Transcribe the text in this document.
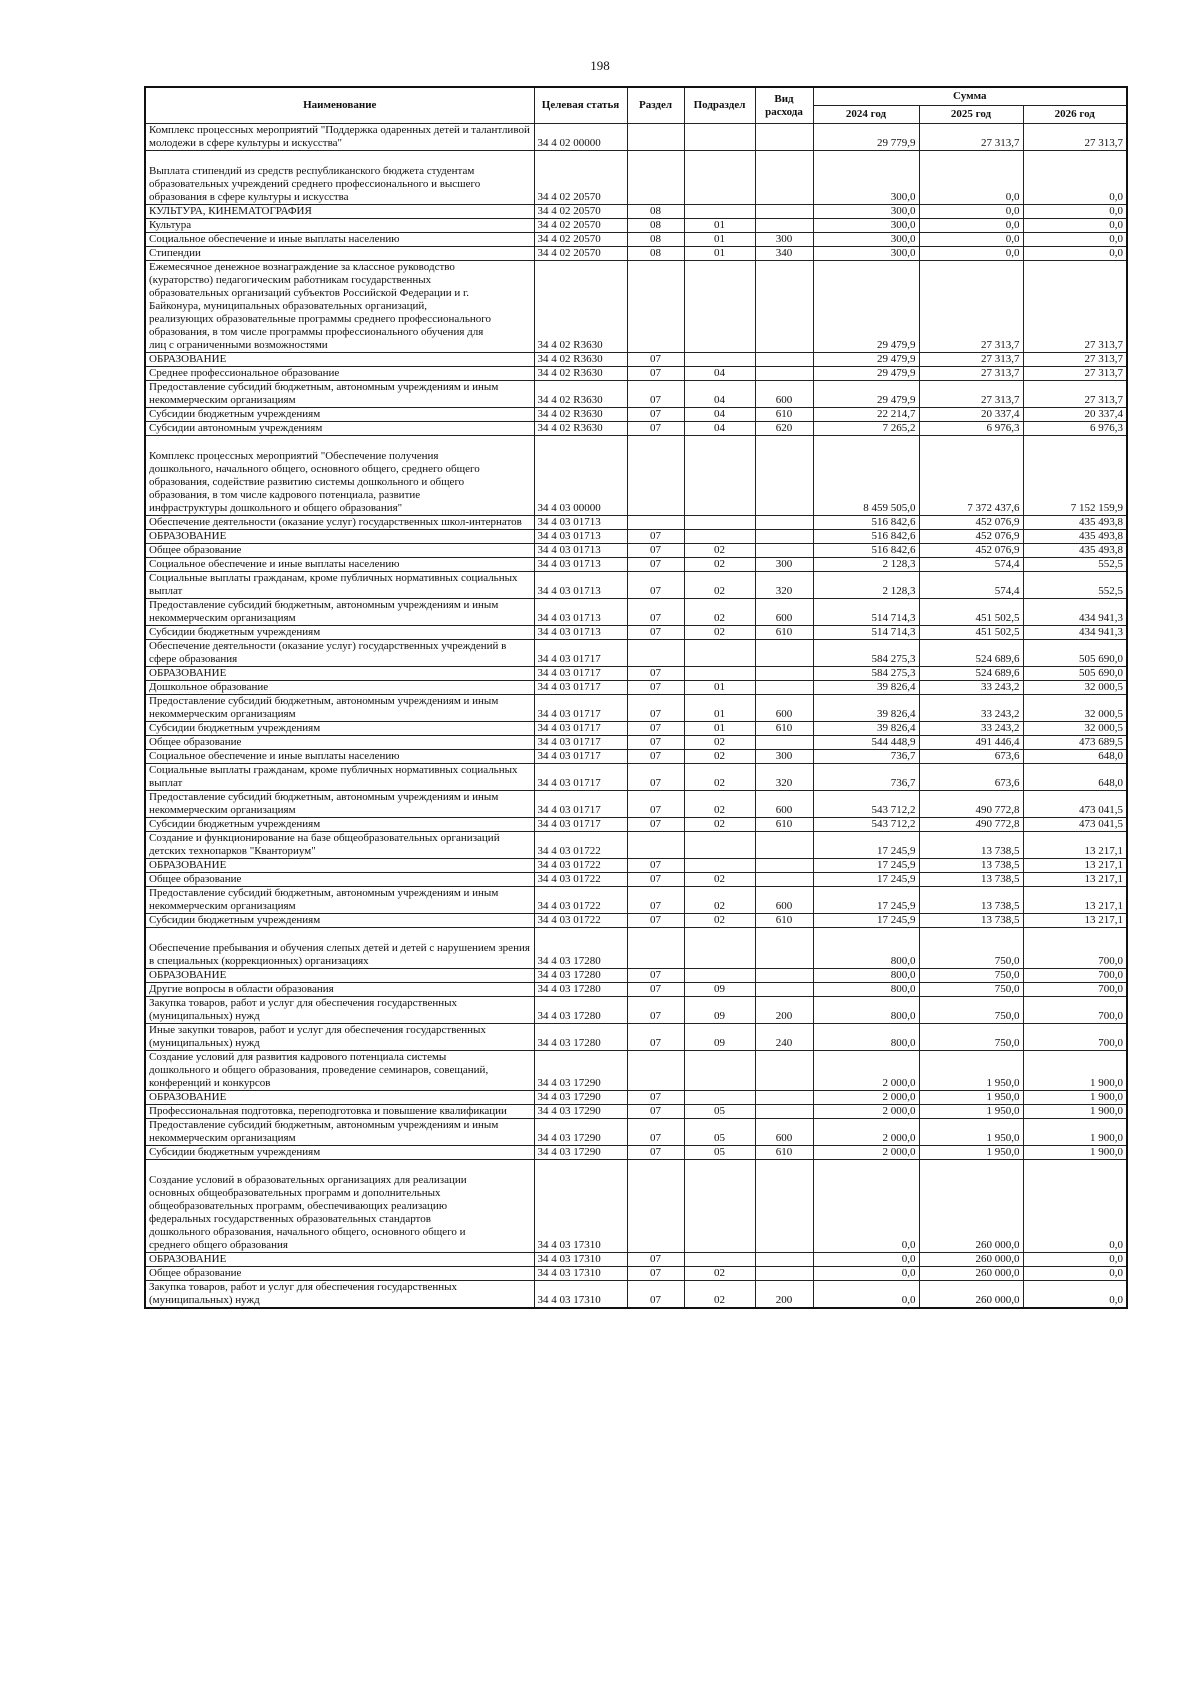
198
Наименование	Целевая статья	Раздел	Подраздел	Вид расхода	Сумма		
					2024 год	2025 год	2026 год
Комплекс процессных мероприятий "Поддержка одаренных детей и талантливой молодежи в сфере культуры и искусства"	34 4 02 00000				29 779,9	27 313,7	27 313,7
Выплата стипендий из средств республиканского бюджета студентам образовательных учреждений среднего профессионального и высшего образования в сфере культуры и искусства	34 4 02 20570				300,0	0,0	0,0
КУЛЬТУРА, КИНЕМАТОГРАФИЯ	34 4 02 20570	08			300,0	0,0	0,0
Культура	34 4 02 20570	08	01		300,0	0,0	0,0
Социальное обеспечение и иные выплаты населению	34 4 02 20570	08	01	300	300,0	0,0	0,0
Стипендии	34 4 02 20570	08	01	340	300,0	0,0	0,0
Ежемесячное денежное вознаграждение за классное руководство (кураторство) педагогическим работникам государственных образовательных организаций субъектов Российской Федерации и г. Байконура, муниципальных образовательных организаций, реализующих образовательные программы среднего профессионального образования, в том числе программы профессионального обучения для лиц с ограниченными возможностями	34 4 02 R3630				29 479,9	27 313,7	27 313,7
ОБРАЗОВАНИЕ	34 4 02 R3630	07			29 479,9	27 313,7	27 313,7
Среднее профессиональное образование	34 4 02 R3630	07	04		29 479,9	27 313,7	27 313,7
Предоставление субсидий бюджетным, автономным учреждениям и иным некоммерческим организациям	34 4 02 R3630	07	04	600	29 479,9	27 313,7	27 313,7
Субсидии бюджетным учреждениям	34 4 02 R3630	07	04	610	22 214,7	20 337,4	20 337,4
Субсидии автономным учреждениям	34 4 02 R3630	07	04	620	7 265,2	6 976,3	6 976,3
Комплекс процессных мероприятий "Обеспечение получения дошкольного, начального общего, основного общего, среднего общего образования, содействие развитию системы дошкольного и общего образования, в том числе кадрового потенциала, развитие инфраструктуры дошкольного и общего образования"	34 4 03 00000				8 459 505,0	7 372 437,6	7 152 159,9
Обеспечение деятельности (оказание услуг) государственных школ-интернатов	34 4 03 01713				516 842,6	452 076,9	435 493,8
ОБРАЗОВАНИЕ	34 4 03 01713	07			516 842,6	452 076,9	435 493,8
Общее образование	34 4 03 01713	07	02		516 842,6	452 076,9	435 493,8
Социальное обеспечение и иные выплаты населению	34 4 03 01713	07	02	300	2 128,3	574,4	552,5
Социальные выплаты гражданам, кроме публичных нормативных социальных выплат	34 4 03 01713	07	02	320	2 128,3	574,4	552,5
Предоставление субсидий бюджетным, автономным учреждениям и иным некоммерческим организациям	34 4 03 01713	07	02	600	514 714,3	451 502,5	434 941,3
Субсидии бюджетным учреждениям	34 4 03 01713	07	02	610	514 714,3	451 502,5	434 941,3
Обеспечение деятельности (оказание услуг) государственных учреждений в сфере образования	34 4 03 01717				584 275,3	524 689,6	505 690,0
ОБРАЗОВАНИЕ	34 4 03 01717	07			584 275,3	524 689,6	505 690,0
Дошкольное образование	34 4 03 01717	07	01		39 826,4	33 243,2	32 000,5
Предоставление субсидий бюджетным, автономным учреждениям и иным некоммерческим организациям	34 4 03 01717	07	01	600	39 826,4	33 243,2	32 000,5
Субсидии бюджетным учреждениям	34 4 03 01717	07	01	610	39 826,4	33 243,2	32 000,5
Общее образование	34 4 03 01717	07	02		544 448,9	491 446,4	473 689,5
Социальное обеспечение и иные выплаты населению	34 4 03 01717	07	02	300	736,7	673,6	648,0
Социальные выплаты гражданам, кроме публичных нормативных социальных выплат	34 4 03 01717	07	02	320	736,7	673,6	648,0
Предоставление субсидий бюджетным, автономным учреждениям и иным некоммерческим организациям	34 4 03 01717	07	02	600	543 712,2	490 772,8	473 041,5
Субсидии бюджетным учреждениям	34 4 03 01717	07	02	610	543 712,2	490 772,8	473 041,5
Создание и функционирование на базе общеобразовательных организаций детских технопарков "Кванториум"	34 4 03 01722				17 245,9	13 738,5	13 217,1
ОБРАЗОВАНИЕ	34 4 03 01722	07			17 245,9	13 738,5	13 217,1
Общее образование	34 4 03 01722	07	02		17 245,9	13 738,5	13 217,1
Предоставление субсидий бюджетным, автономным учреждениям и иным некоммерческим организациям	34 4 03 01722	07	02	600	17 245,9	13 738,5	13 217,1
Субсидии бюджетным учреждениям	34 4 03 01722	07	02	610	17 245,9	13 738,5	13 217,1
Обеспечение пребывания и обучения слепых детей и детей с нарушением зрения в специальных (коррекционных) организациях	34 4 03 17280				800,0	750,0	700,0
ОБРАЗОВАНИЕ	34 4 03 17280	07			800,0	750,0	700,0
Другие вопросы в области образования	34 4 03 17280	07	09		800,0	750,0	700,0
Закупка товаров, работ и услуг для обеспечения государственных (муниципальных) нужд	34 4 03 17280	07	09	200	800,0	750,0	700,0
Иные закупки товаров, работ и услуг для обеспечения государственных (муниципальных) нужд	34 4 03 17280	07	09	240	800,0	750,0	700,0
Создание условий для развития кадрового потенциала системы дошкольного и общего образования, проведение семинаров, совещаний, конференций и конкурсов	34 4 03 17290				2 000,0	1 950,0	1 900,0
ОБРАЗОВАНИЕ	34 4 03 17290	07			2 000,0	1 950,0	1 900,0
Профессиональная подготовка, переподготовка и повышение квалификации	34 4 03 17290	07	05		2 000,0	1 950,0	1 900,0
Предоставление субсидий бюджетным, автономным учреждениям и иным некоммерческим организациям	34 4 03 17290	07	05	600	2 000,0	1 950,0	1 900,0
Субсидии бюджетным учреждениям	34 4 03 17290	07	05	610	2 000,0	1 950,0	1 900,0
Создание условий в образовательных организациях для реализации основных общеобразовательных программ и дополнительных общеобразовательных программ, обеспечивающих реализацию федеральных государственных образовательных стандартов дошкольного образования, начального общего, основного общего и среднего общего образования	34 4 03 17310				0,0	260 000,0	0,0
ОБРАЗОВАНИЕ	34 4 03 17310	07			0,0	260 000,0	0,0
Общее образование	34 4 03 17310	07	02		0,0	260 000,0	0,0
Закупка товаров, работ и услуг для обеспечения государственных (муниципальных) нужд	34 4 03 17310	07	02	200	0,0	260 000,0	0,0
